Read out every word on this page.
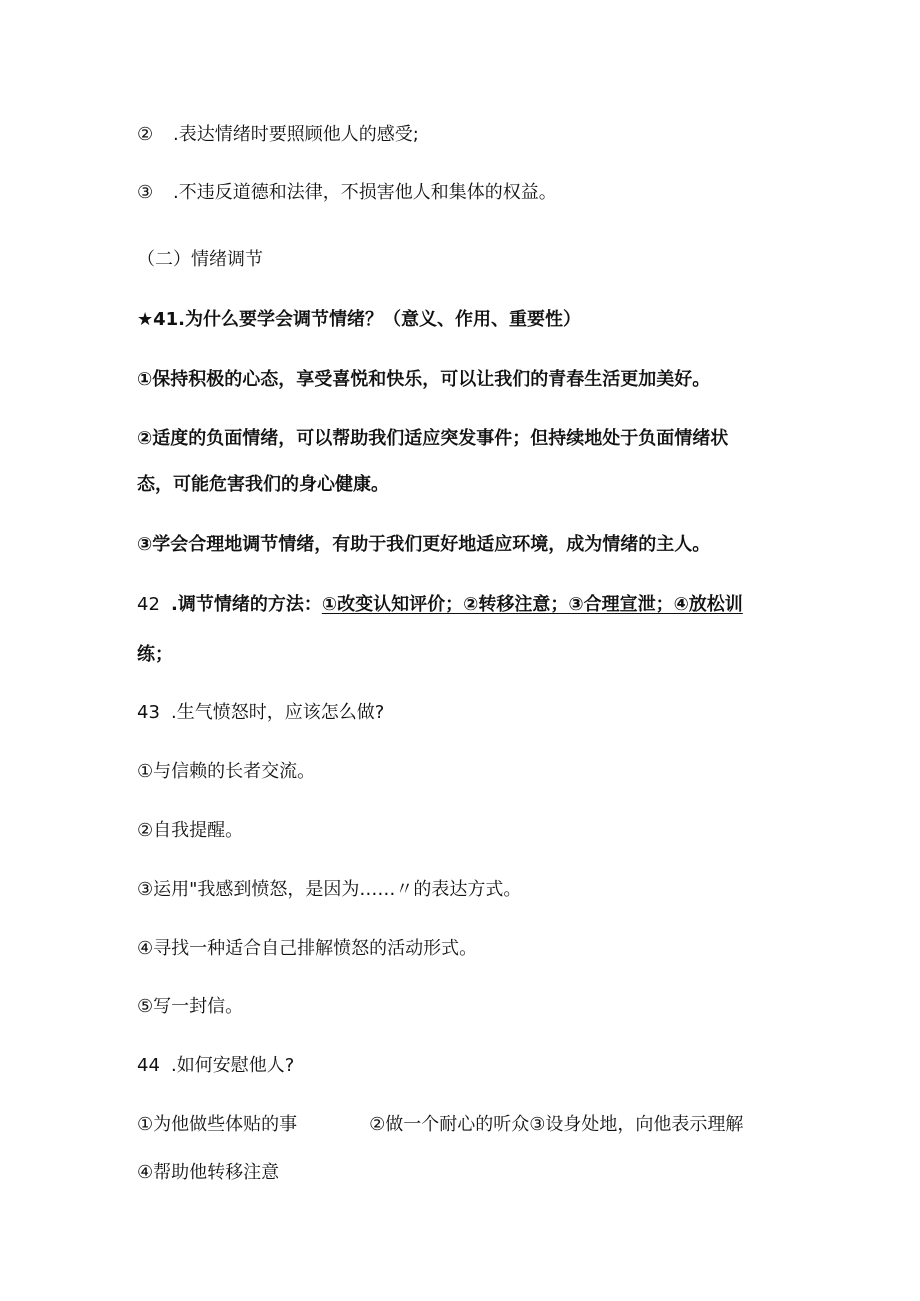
② .表达情绪时要照顾他人的感受;
③ .不违反道德和法律，不损害他人和集体的权益。
（二）情绪调节
★41.为什么要学会调节情绪？（意义、作用、重要性）
①保持积极的心态，享受喜悦和快乐，可以让我们的青春生活更加美好。
②适度的负面情绪，可以帮助我们适应突发事件；但持续地处于负面情绪状
态，可能危害我们的身心健康。
③学会合理地调节情绪，有助于我们更好地适应环境，成为情绪的主人。
42 .调节情绪的方法：①改变认知评价；②转移注意；③合理宣泄；④放松训
练；
43 .生气愤怒时，应该怎么做?
①与信赖的长者交流。
②自我提醒。
③运用"我感到愤怒，是因为……〃的表达方式。
④寻找一种适合自己排解愤怒的活动形式。
⑤写一封信。
44 .如何安慰他人?
①为他做些体贴的事	②做一个耐心的听众③设身处地，向他表示理解
④帮助他转移注意
